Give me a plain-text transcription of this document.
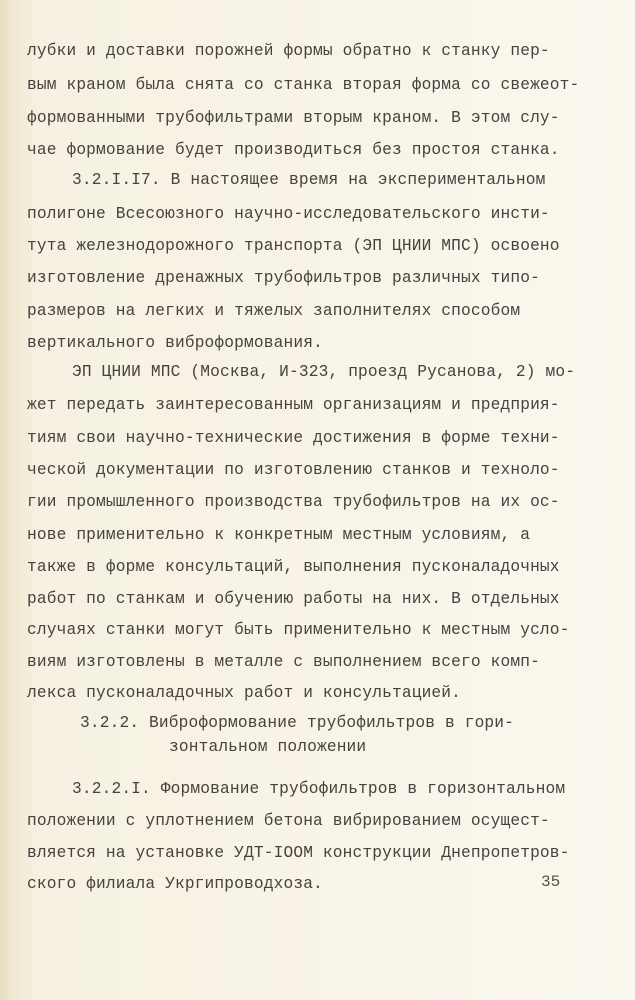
лубки и доставки порожней формы обратно к станку пер-
вым краном была снята со станка вторая форма со свежеот-
формованными трубофильтрами вторым краном. В этом слу-
чае формование будет производиться без простоя станка.
3.2.I.I7. В настоящее время на экспериментальном
полигоне Всесоюзного научно-исследовательского инсти-
тута железнодорожного транспорта (ЭП ЦНИИ МПС) освоено
изготовление дренажных трубофильтров различных типо-
размеров на легких и тяжелых заполнителях способом
вертикального виброформования.
ЭП ЦНИИ МПС (Москва, И-323, проезд Русанова, 2) мо-
жет передать заинтересованным организациям и предприя-
тиям свои научно-технические достижения в форме техни-
ческой документации по изготовлению станков и техноло-
гии промышленного производства трубофильтров на их ос-
нове применительно к конкретным местным условиям, а
также в форме консультаций, выполнения пусконаладочных
работ по станкам и обучению работы на них. В отдельных
случаях станки могут быть применительно к местным усло-
виям изготовлены в металле с выполнением всего комп-
лекса пусконаладочных работ и консультацией.
3.2.2. Виброформование трубофильтров в гори-
зонтальном положении
3.2.2.I. Формование трубофильтров в горизонтальном
положении с уплотнением бетона вибрированием осущест-
вляется на установке УДТ-IOOM конструкции Днепропетров-
ского филиала Укргипроводхоза.	35
